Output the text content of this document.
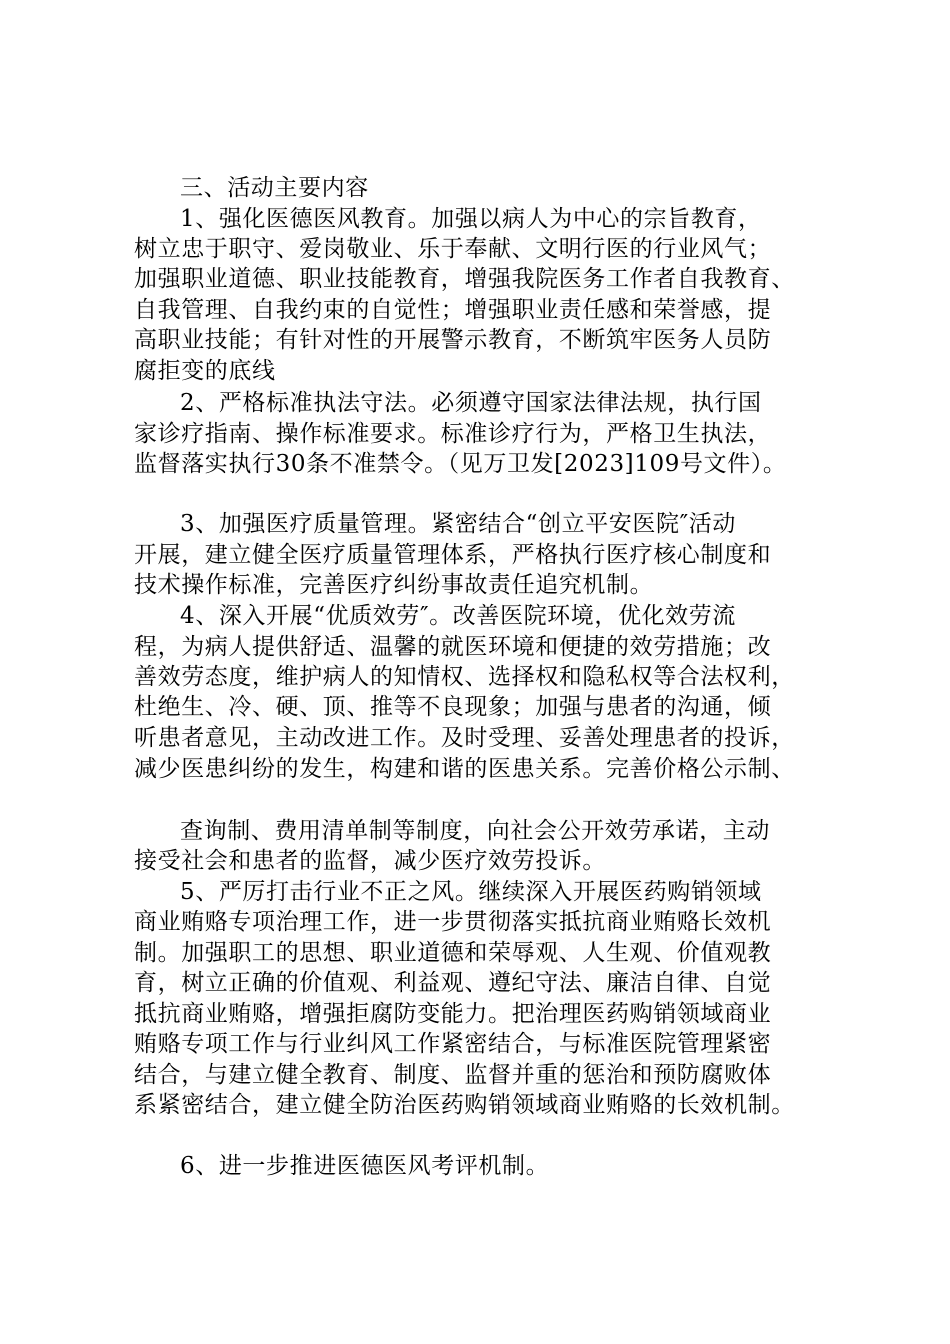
三、活动主要内容
1、强化医德医风教育。加强以病人为中心的宗旨教育，
树立忠于职守、爱岗敬业、乐于奉献、文明行医的行业风气；
加强职业道德、职业技能教育，增强我院医务工作者自我教育、
自我管理、自我约束的自觉性；增强职业责任感和荣誉感，提
高职业技能；有针对性的开展警示教育，不断筑牢医务人员防
腐拒变的底线
2、严格标准执法守法。必须遵守国家法律法规，执行国
家诊疗指南、操作标准要求。标准诊疗行为，严格卫生执法，
监督落实执行30条不准禁令。（见万卫发[2023]109号文件）。
3、加强医疗质量管理。紧密结合“创立平安医院″活动
开展，建立健全医疗质量管理体系，严格执行医疗核心制度和
技术操作标准，完善医疗纠纷事故责任追究机制。
4、深入开展“优质效劳″。改善医院环境，优化效劳流
程，为病人提供舒适、温馨的就医环境和便捷的效劳措施；改
善效劳态度，维护病人的知情权、选择权和隐私权等合法权利，
杜绝生、冷、硬、顶、推等不良现象；加强与患者的沟通，倾
听患者意见，主动改进工作。及时受理、妥善处理患者的投诉，
减少医患纠纷的发生，构建和谐的医患关系。完善价格公示制、
查询制、费用清单制等制度，向社会公开效劳承诺，主动
接受社会和患者的监督，减少医疗效劳投诉。
5、严厉打击行业不正之风。继续深入开展医药购销领域
商业贿赂专项治理工作，进一步贯彻落实抵抗商业贿赂长效机
制。加强职工的思想、职业道德和荣辱观、人生观、价值观教
育，树立正确的价值观、利益观、遵纪守法、廉洁自律、自觉
抵抗商业贿赂，增强拒腐防变能力。把治理医药购销领域商业
贿赂专项工作与行业纠风工作紧密结合，与标准医院管理紧密
结合，与建立健全教育、制度、监督并重的惩治和预防腐败体
系紧密结合，建立健全防治医药购销领域商业贿赂的长效机制。
6、进一步推进医德医风考评机制。
